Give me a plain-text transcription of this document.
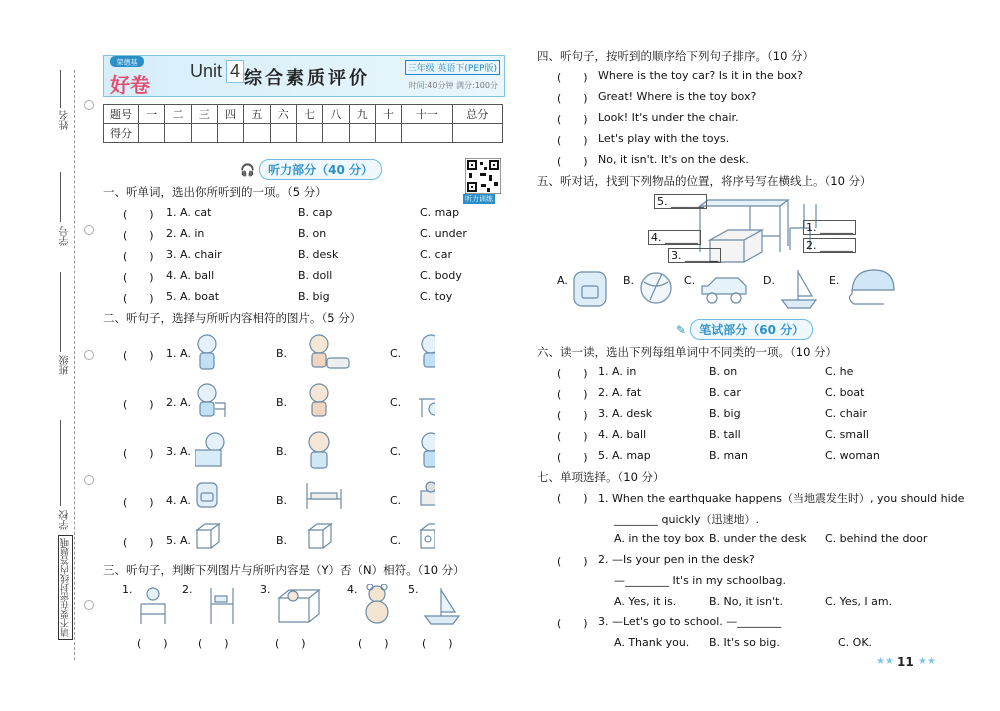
姓名
学号
班级
学校
请不要在密封线内答题哦
荣德基
好卷
Unit 4 综合素质评价	三年级 英语下(PEP版)
时间:40分钟 满分:100分
题号	一	二	三	四	五	六	七	八	九	十	十一	总分
得分												
🎧 听力部分（40 分）
听力训练
一、听单词，选出你所听到的一项。（5 分）
(　　) 1. A. cat	B. cap	C. map
(　　) 2. A. in	B. on	C. under
(　　) 3. A. chair	B. desk	C. car
(　　) 4. A. ball	B. doll	C. body
(　　) 5. A. boat	B. big	C. toy
二、听句子，选择与所听内容相符的图片。（5 分）
(　　) 1. A.	B.	C.
(　　) 2. A.	B.	C.
(　　) 3. A.	B.	C.
(　　) 4. A.	B.	C.
(　　) 5. A.	B.	C.
三、听句子，判断下列图片与所听内容是（Y）否（N）相符。（10 分）
1.	2.	3.	4.	5.
(　　)	(　　)	(　　)	(　　)	(　　)
四、听句子，按听到的顺序给下列句子排序。（10 分）
(　　) Where is the toy car? Is it in the box?
(　　) Great! Where is the toy box?
(　　) Look! It's under the chair.
(　　) Let's play with the toys.
(　　) No, it isn't. It's on the desk.
五、听对话，找到下列物品的位置，将序号写在横线上。（10 分）
5. ______
4. ______
3. ______
1. ______
2. ______
A.	B.	C.	D.	E.
✎ 笔试部分（60 分）
六、读一读，选出下列每组单词中不同类的一项。（10 分）
(　　) 1. A. in	B. on	C. he
(　　) 2. A. fat	B. car	C. boat
(　　) 3. A. desk	B. big	C. chair
(　　) 4. A. ball	B. tall	C. small
(　　) 5. A. map	B. man	C. woman
七、单项选择。（10 分）
(　　) 1. When the earthquake happens（当地震发生时）, you should hide
________ quickly（迅速地）.
A. in the toy box B. under the desk C. behind the door
(　　) 2. —Is your pen in the desk?
—________ It's in my schoolbag.
A. Yes, it is.	B. No, it isn't.	C. Yes, I am.
(　　) 3. —Let's go to school. —________
A. Thank you. B. It's so big.	C. OK.
★★ 11 ★★
